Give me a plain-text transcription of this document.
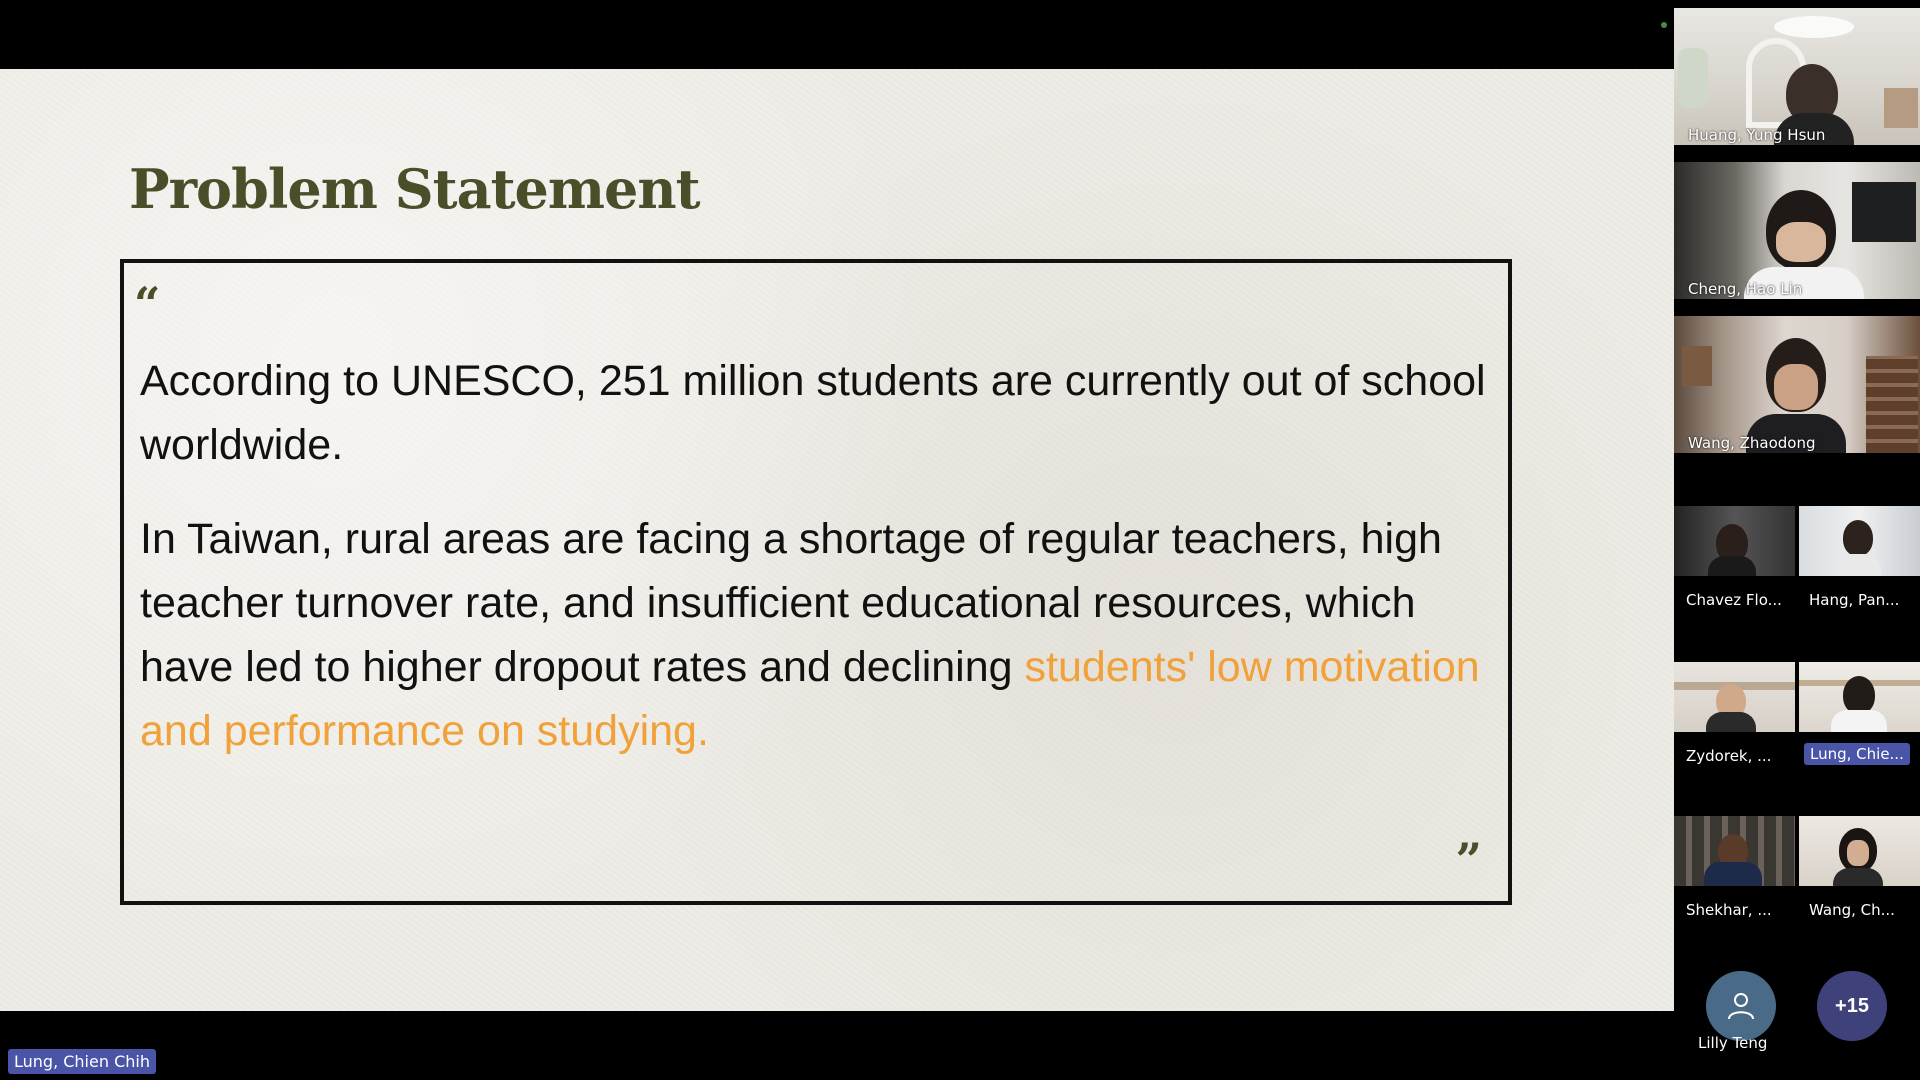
Problem Statement
“

According to UNESCO, 251 million students are currently out of school worldwide.

In Taiwan, rural areas are facing a shortage of regular teachers, high teacher turnover rate, and insufficient educational resources, which have led to higher dropout rates and declining students' low motivation and performance on studying.

”
Huang, Yung Hsun
Cheng, Hao Lin
Wang, Zhaodong
Chavez Flo... Hang, Pan...
Zydorek, ...	Lung, Chie...
Shekhar, ... Wang, Ch...
Lilly Teng
+15
Lung, Chien Chih
